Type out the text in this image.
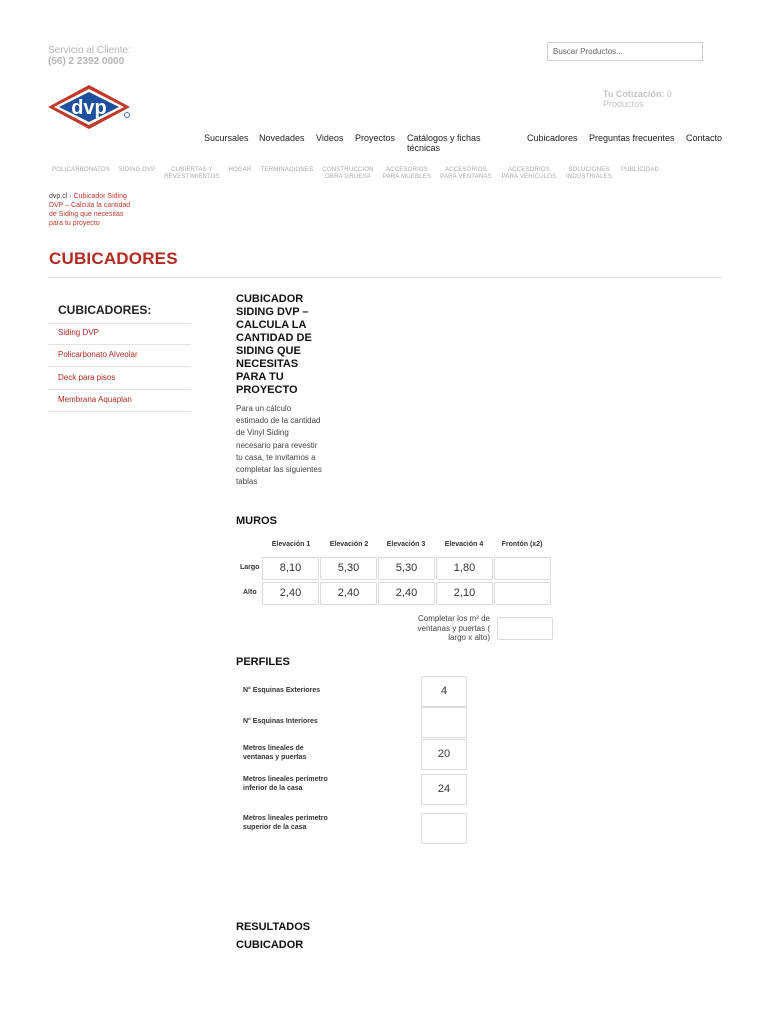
Servicio al Cliente:
(56) 2 2392 0000
Buscar Productos...
Tu Cotización: 0
Productos
dvp
Sucursales Novedades Videos Proyectos Catálogos y fichas técnicas
Cubicadores Preguntas frecuentes Contacto
POLICARBONATOS	SIDING DVP	CUBIERTAS Y REVESTIMIENTOS
HOGAR	TERMINACIONES	CONSTRUCCION OBRA GRUESA
ACCESORIOS PARA MUEBLES
ACCESORIOS PARA VENTANAS
ACCESORIOS PARA VEHICULOS
SOLUCIONES INDUSTRIALES
PUBLICIDAD
dvp.cl › Cubicador Siding DVP – Calcula la cantidad de Siding que necesitas para tu proyecto
CUBICADORES
CUBICADORES:
Siding DVP
Policarbonato Alveolar
Deck para pisos
Membrana Aquaplan
CUBICADOR SIDING DVP – CALCULA LA CANTIDAD DE SIDING QUE NECESITAS PARA TU PROYECTO

Para un cálculo estimado de la cantidad de Vinyl Siding necesario para revestir tu casa, te invitamos a completar las siguientes tablas

MUROS
Elevación 1	Elevación 2	Elevación 3	Elevación 4	Frontón (x2)
Largo	8,10	5,30	5,30	1,80
Alto	2,40	2,40	2,40	2,10
Completar los m² de ventanas y puertas ( largo x alto)
PERFILES
N° Esquinas Exteriores	4
N° Esquinas Interiores
Metros lineales de ventanas y puertas	20
Metros lineales perímetro inferior de la casa	24
Metros lineales perímetro superior de la casa
RESULTADOS
CUBICADOR
